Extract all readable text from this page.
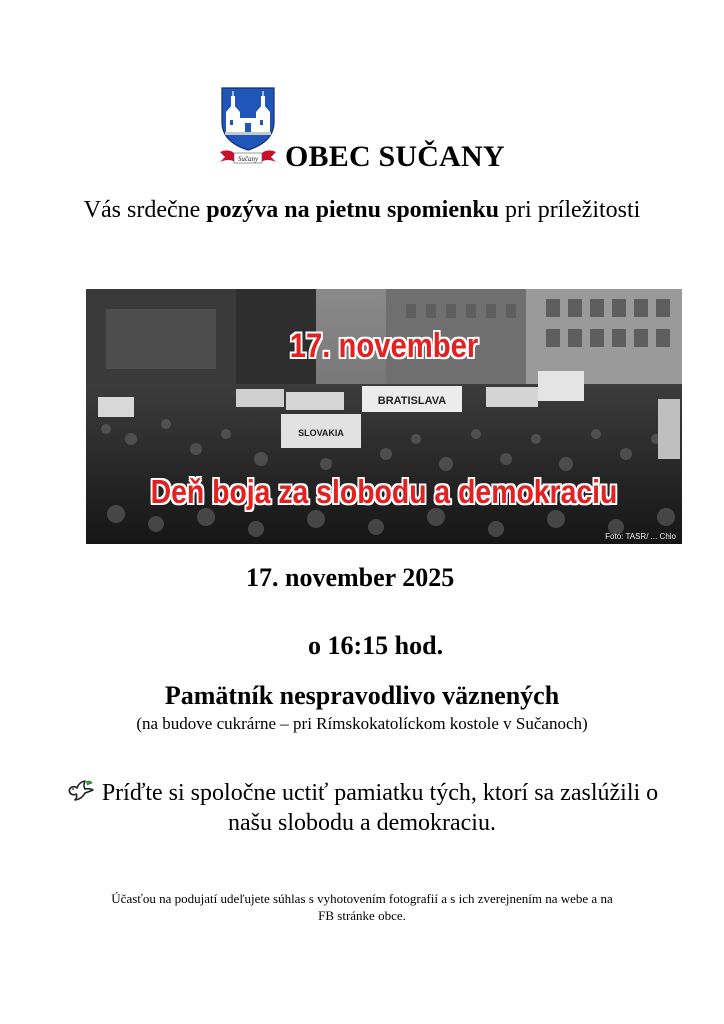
Sučany OBEC SUČANY
Vás srdečne pozýva na pietnu spomienku pri príležitosti
BRATISLAVA
SLOVAKIA
17. november
Deň boja za slobodu a demokraciu
Foto: TASR/ ... Chlo
17. november 2025
o 16:15 hod.
Pamätník nespravodlivo väznených
(na budove cukrárne – pri Rímskokatolíckom kostole v Sučanoch)
Príďte si spoločne uctiť pamiatku tých, ktorí sa zaslúžili o našu slobodu a demokraciu.
Účasťou na podujatí udeľujete súhlas s vyhotovením fotografií a s ich zverejnením na webe a na FB stránke obce.
